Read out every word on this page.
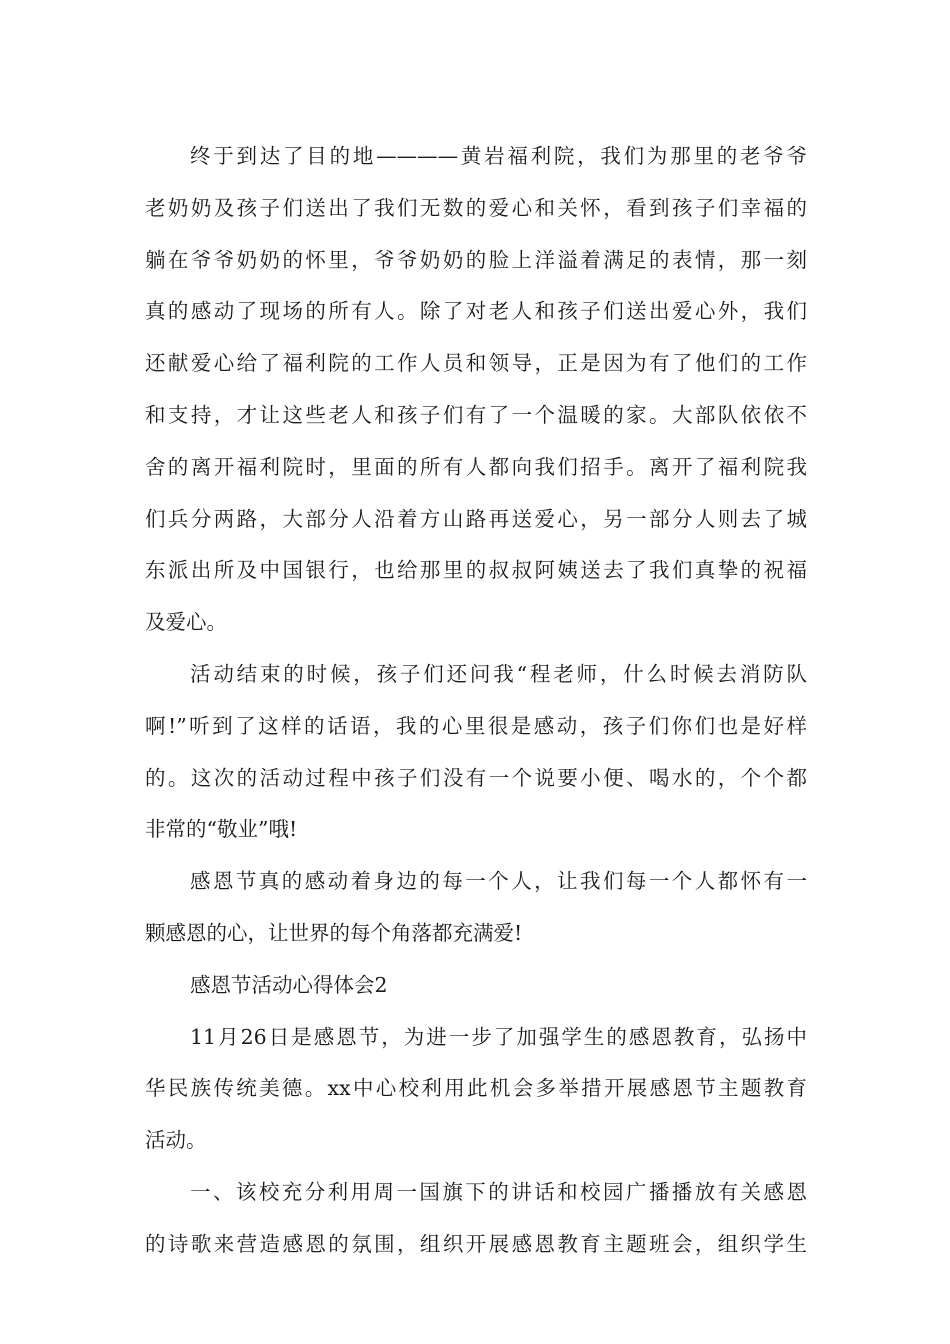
终于到达了目的地————黄岩福利院，我们为那里的老爷爷
老奶奶及孩子们送出了我们无数的爱心和关怀，看到孩子们幸福的
躺在爷爷奶奶的怀里，爷爷奶奶的脸上洋溢着满足的表情，那一刻
真的感动了现场的所有人。除了对老人和孩子们送出爱心外，我们
还献爱心给了福利院的工作人员和领导，正是因为有了他们的工作
和支持，才让这些老人和孩子们有了一个温暖的家。大部队依依不
舍的离开福利院时，里面的所有人都向我们招手。离开了福利院我
们兵分两路，大部分人沿着方山路再送爱心，另一部分人则去了城
东派出所及中国银行，也给那里的叔叔阿姨送去了我们真挚的祝福
及爱心。
活动结束的时候，孩子们还问我“程老师，什么时候去消防队
啊!”听到了这样的话语，我的心里很是感动，孩子们你们也是好样
的。这次的活动过程中孩子们没有一个说要小便、喝水的，个个都
非常的“敬业”哦!
感恩节真的感动着身边的每一个人，让我们每一个人都怀有一
颗感恩的心，让世界的每个角落都充满爱!
感恩节活动心得体会2
11月26日是感恩节，为进一步了加强学生的感恩教育，弘扬中
华民族传统美德。xx中心校利用此机会多举措开展感恩节主题教育
活动。
一、该校充分利用周一国旗下的讲话和校园广播播放有关感恩
的诗歌来营造感恩的氛围，组织开展感恩教育主题班会，组织学生
